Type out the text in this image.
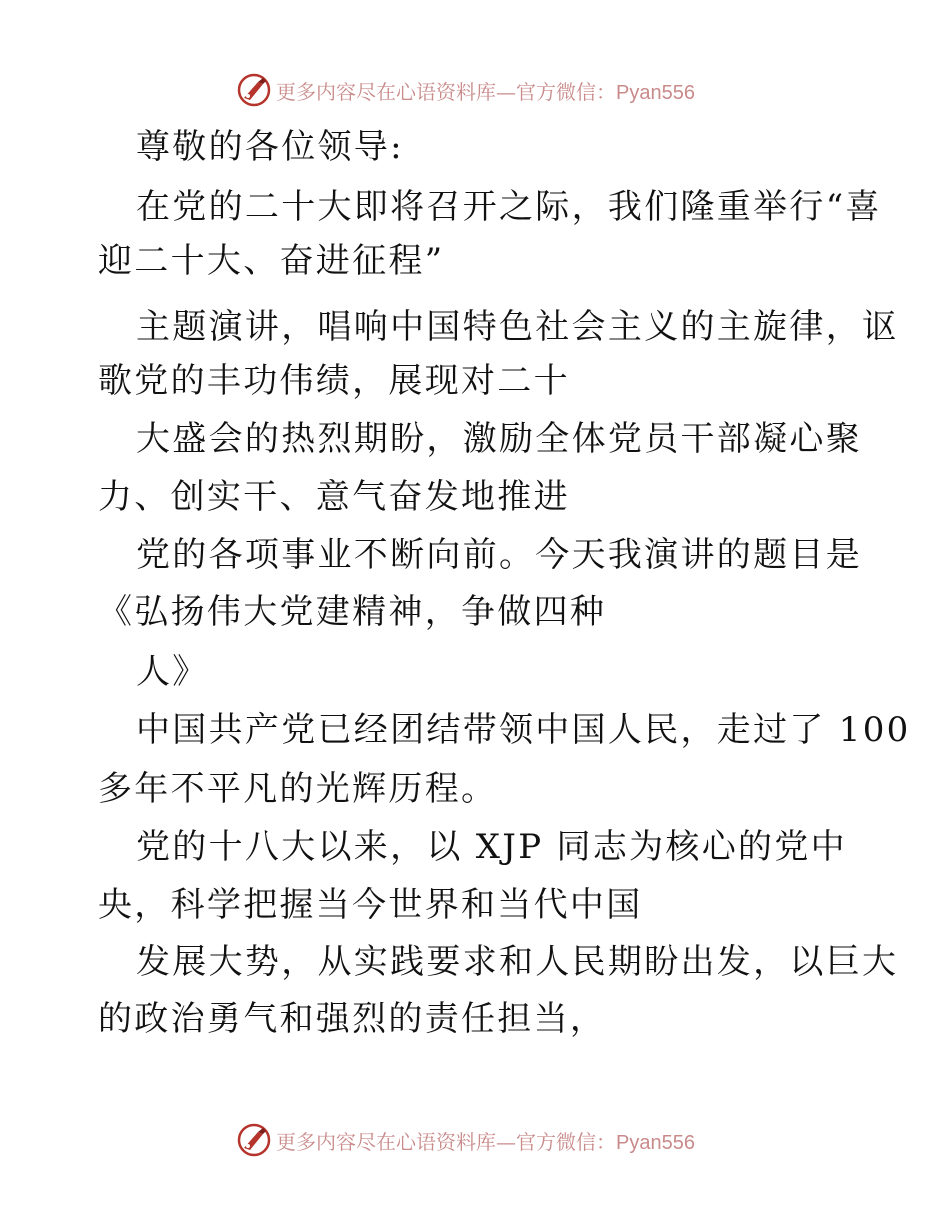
更多内容尽在心语资料库—官方微信：Pyan556
尊敬的各位领导:
在党的二十大即将召开之际，我们隆重举行“喜
迎二十大、奋进征程”
主题演讲，唱响中国特色社会主义的主旋律，讴
歌党的丰功伟绩，展现对二十
大盛会的热烈期盼，激励全体党员干部凝心聚
力、创实干、意气奋发地推进
党的各项事业不断向前。今天我演讲的题目是
《弘扬伟大党建精神，争做四种
人》
中国共产党已经团结带领中国人民，走过了 100
多年不平凡的光辉历程。
党的十八大以来，以 XJP 同志为核心的党中
央，科学把握当今世界和当代中国
发展大势，从实践要求和人民期盼出发，以巨大
的政治勇气和强烈的责任担当，
更多内容尽在心语资料库—官方微信：Pyan556
